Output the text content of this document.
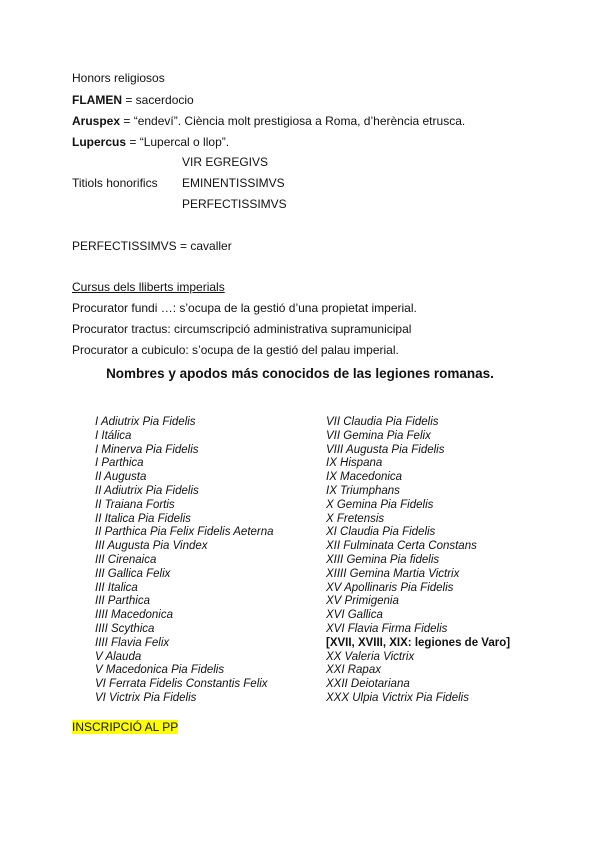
Honors religiosos
FLAMEN = sacerdocio
Aruspex = “endeví”. Ciència molt prestigiosa a Roma, d’herència etrusca.
Lupercus = “Lupercal o llop”.
VIR EGREGIVS
Titiols honorifics EMINENTISSIMVS
PERFECTISSIMVS
PERFECTISSIMVS = cavaller
Cursus dels lliberts imperials
Procurator fundi …: s’ocupa de la gestió d’una propietat imperial.
Procurator tractus: circumscripció administrativa supramunicipal
Procurator a cubiculo: s’ocupa de la gestió del palau imperial.
Nombres y apodos más conocidos de las legiones romanas.
I Adiutrix Pia Fidelis
I Itálica
I Minerva Pia Fidelis
I Parthica
II Augusta
II Adiutrix Pia Fidelis
II Traiana Fortis
II Italica Pia Fidelis
II Parthica Pia Felix Fidelis Aeterna
III Augusta Pia Vindex
III Cirenaica
III Gallica Felix
III Italica
III Parthica
IIII Macedonica
IIII Scythica
IIII Flavia Felix
V Alauda
V Macedonica Pia Fidelis
VI Ferrata Fidelis Constantis Felix
VI Victrix Pia Fidelis
VII Claudia Pia Fidelis
VII Gemina Pia Felix
VIII Augusta Pia Fidelis
IX Hispana
IX Macedonica
IX Triumphans
X Gemina Pia Fidelis
X Fretensis
XI Claudia Pia Fidelis
XII Fulminata Certa Constans
XIII Gemina Pia fidelis
XIIII Gemina Martia Victrix
XV Apollinaris Pia Fidelis
XV Primigenia
XVI Gallica
XVI Flavia Firma Fidelis
[XVII, XVIII, XIX: legiones de Varo]
XX Valeria Victrix
XXI Rapax
XXII Deiotariana
XXX Ulpia Victrix Pia Fidelis
INSCRIPCIÓ AL PP
